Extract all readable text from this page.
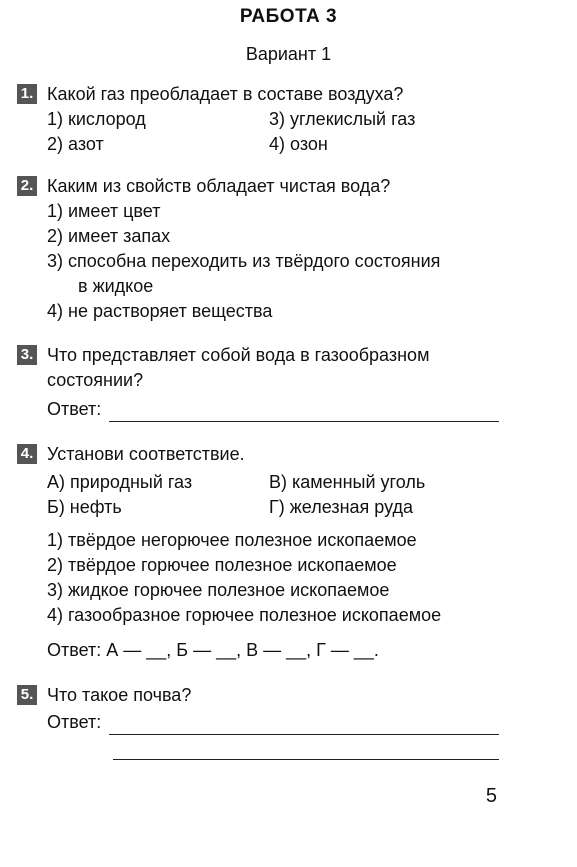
РАБОТА 3
Вариант 1
1. Какой газ преобладает в составе воздуха?
1) кислород	3) углекислый газ
2) азот	4) озон
2. Каким из свойств обладает чистая вода?
1) имеет цвет
2) имеет запах
3) способна переходить из твёрдого состояния
в жидкое
4) не растворяет вещества
3. Что представляет собой вода в газообразном состоянии?
Ответ:
4. Установи соответствие.
А) природный газ	В) каменный уголь
Б) нефть	Г) железная руда
1) твёрдое негорючее полезное ископаемое
2) твёрдое горючее полезное ископаемое
3) жидкое горючее полезное ископаемое
4) газообразное горючее полезное ископаемое
Ответ: А — __, Б — __, В — __, Г — __.
5. Что такое почва?
Ответ:
5
